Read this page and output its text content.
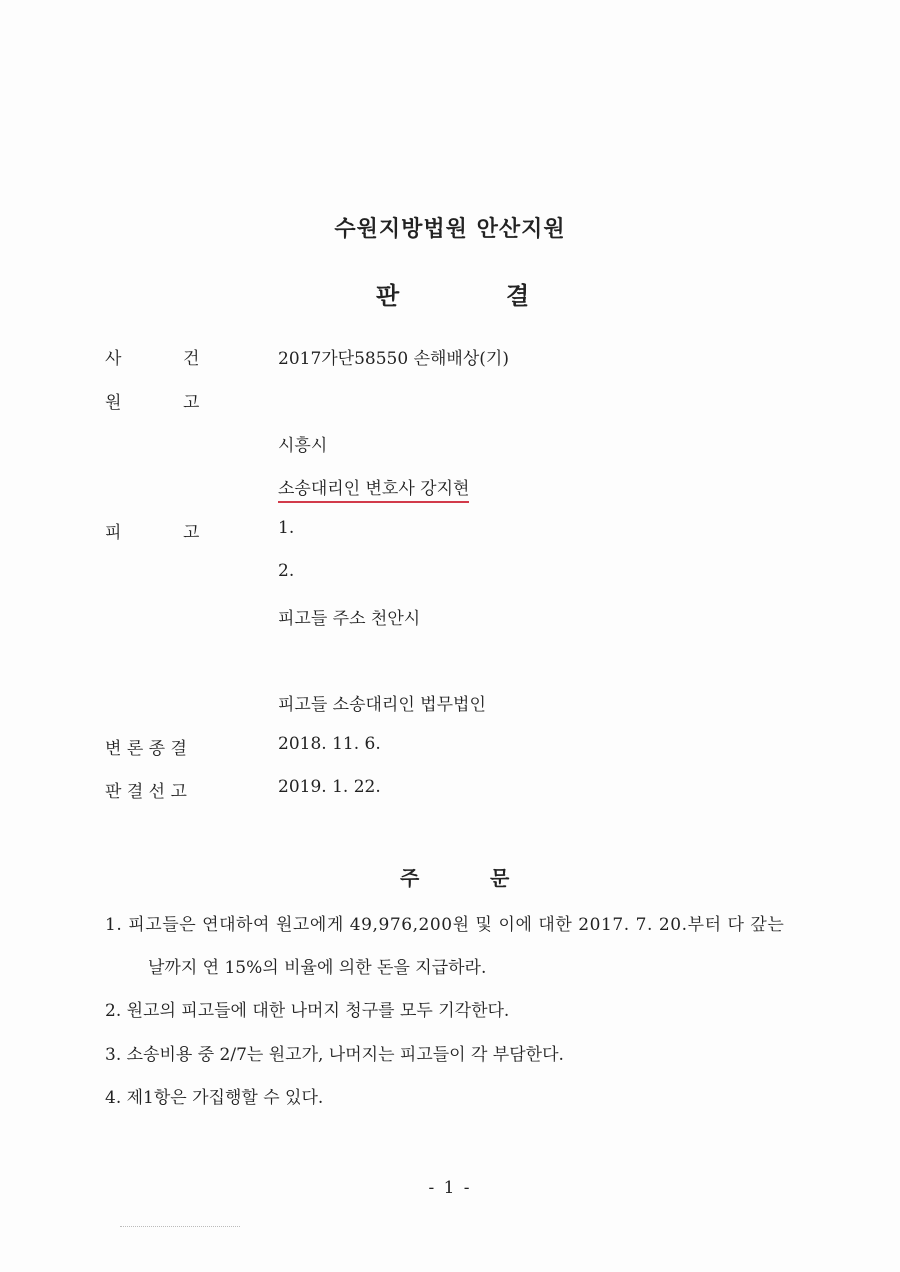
수원지방법원 안산지원
판	결
사	건	2017가단58550 손해배상(기)
원	고
시흥시
소송대리인 변호사 강지현
피	고	1.
2.
피고들 주소 천안시
피고들 소송대리인 법무법인
변 론 종 결	2018. 11. 6.
판 결 선 고	2019. 1. 22.
주	문
1. 피고들은 연대하여 원고에게 49,976,200원 및 이에 대한 2017. 7. 20.부터 다 갚는
날까지 연 15%의 비율에 의한 돈을 지급하라.
2. 원고의 피고들에 대한 나머지 청구를 모두 기각한다.
3. 소송비용 중 2/7는 원고가, 나머지는 피고들이 각 부담한다.
4. 제1항은 가집행할 수 있다.
- 1 -
